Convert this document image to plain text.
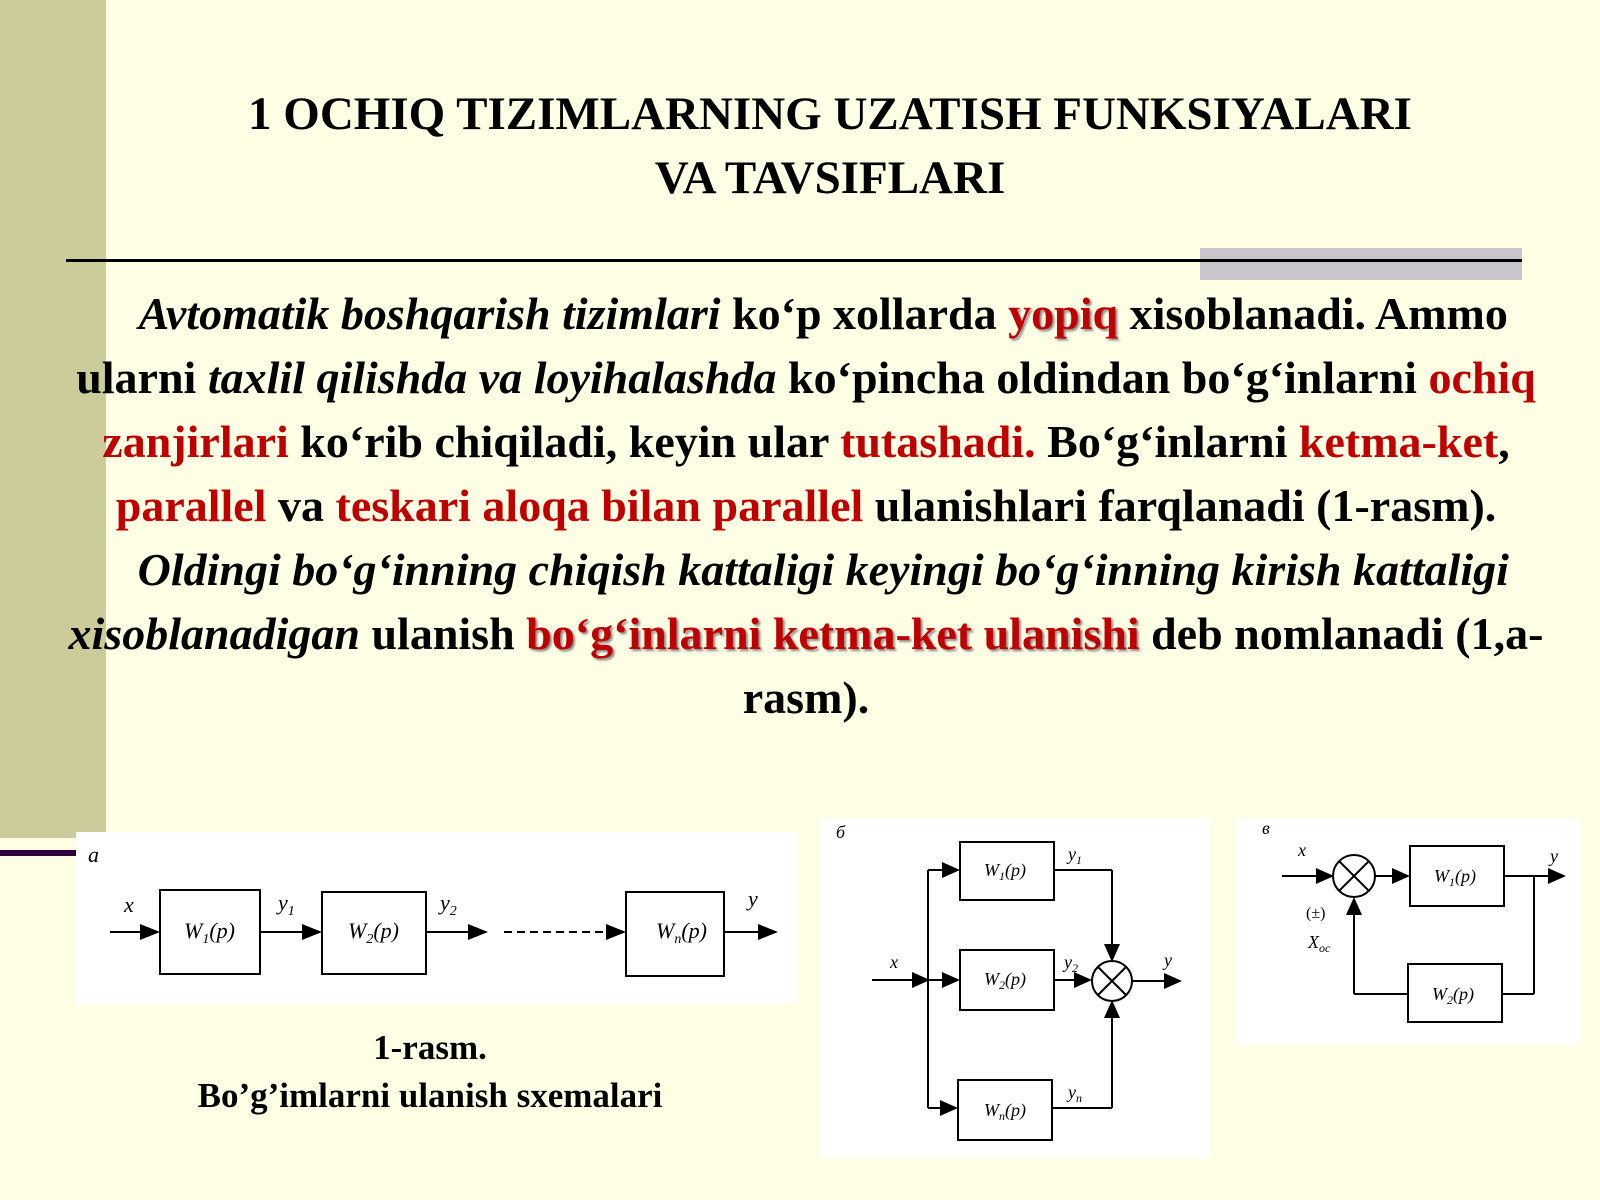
1 OCHIQ TIZIMLARNING UZATISH FUNKSIYALARI
VA TAVSIFLARI

Avtomatik boshqarish tizimlari ko‘p xollarda yopiq xisoblanadi. Ammo ularni taxlil qilishda va loyihalashda ko‘pincha oldindan bo‘g‘inlarni ochiq zanjirlari ko‘rib chiqiladi, keyin ular tutashadi. Bo‘g‘inlarni ketma-ket, parallel va teskari aloqa bilan parallel ulanishlari farqlanadi (1-rasm).

Oldingi bo‘g‘inning chiqish kattaligi keyingi bo‘g‘inning kirish kattaligi xisoblanadigan ulanish bo‘g‘inlarni ketma-ket ulanishi deb nomlanadi (1,a-rasm).

а
x
$W_1(p)$
$y_1$
$W_2(p)$
$y_2$
$W_n(p)$
y
б
x
$W_1(p)$
$W_2(p)$
$W_n(p)$
$y_1$
$y_2$
$y_n$
y
в
x
$W_1(p)$
y
$W_2(p)$
(±)
$X_{oc}$
1-rasm.
Bo’g’imlarni ulanish sxemalari
